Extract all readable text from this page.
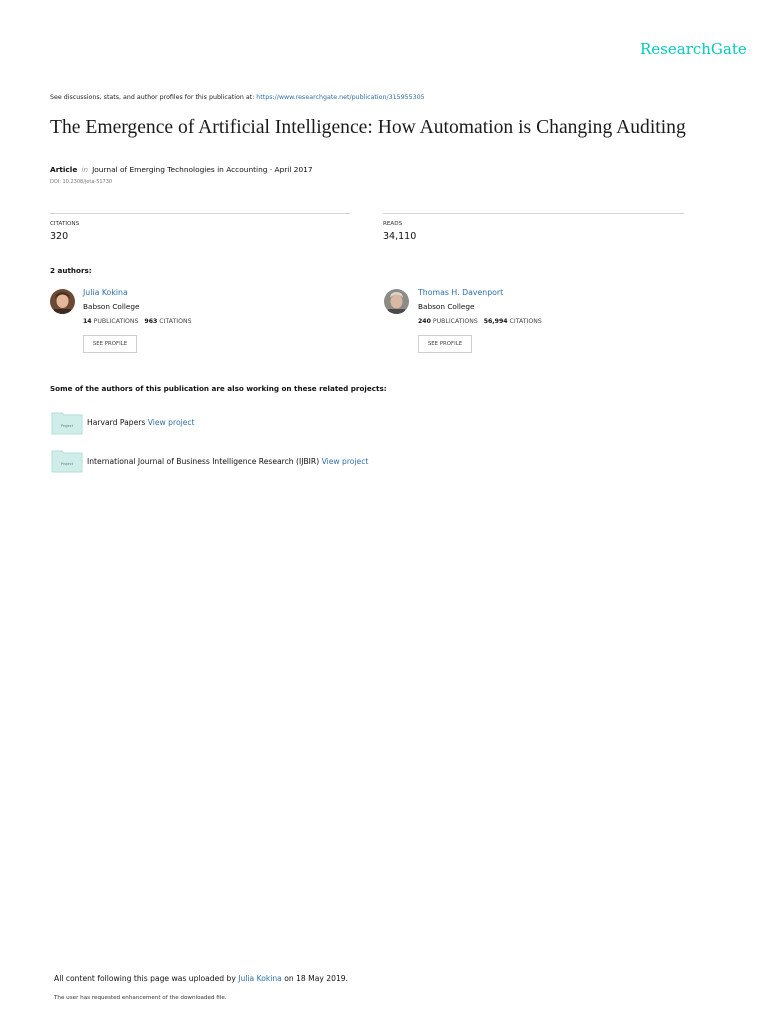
ResearchGate
See discussions, stats, and author profiles for this publication at: https://www.researchgate.net/publication/315955305
The Emergence of Artificial Intelligence: How Automation is Changing Auditing
Article in Journal of Emerging Technologies in Accounting · April 2017
DOI: 10.2308/jeta-51730
CITATIONS
320
READS
34,110
2 authors:
Julia Kokina
Babson College
14 PUBLICATIONS 963 CITATIONS
SEE PROFILE
Thomas H. Davenport
Babson College
240 PUBLICATIONS 56,994 CITATIONS
SEE PROFILE
Some of the authors of this publication are also working on these related projects:
Project Harvard Papers View project
Project International Journal of Business Intelligence Research (IJBIR) View project
All content following this page was uploaded by Julia Kokina on 18 May 2019.
The user has requested enhancement of the downloaded file.
